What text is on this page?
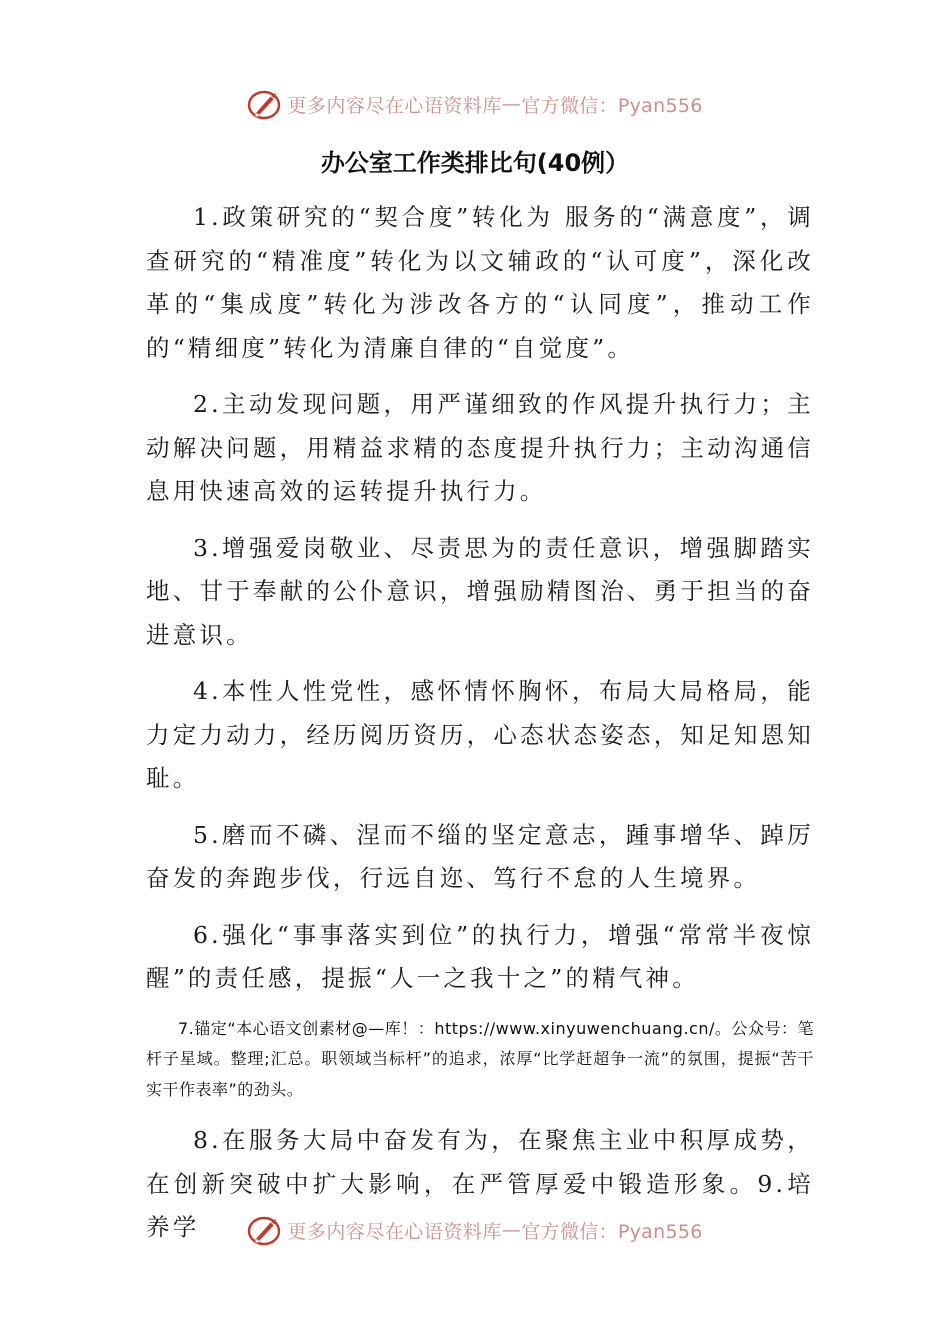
更多内容尽在心语资料库 — 官方微信：Pyan556
办公室工作类排比句(40例）

1.政策研究的“契合度”转化为 服务的“满意度”，调查研究的“精准度”转化为以文辅政的“认可度”，深化改革的“集成度”转化为涉改各方的“认同度”，推动工作的“精细度”转化为清廉自律的“自觉度”。

2.主动发现问题，用严谨细致的作风提升执行力；主动解决问题，用精益求精的态度提升执行力；主动沟通信息用快速高效的运转提升执行力。

3.增强爱岗敬业、尽责思为的责任意识，增强脚踏实地、甘于奉献的公仆意识，增强励精图治、勇于担当的奋进意识。

4.本性人性党性，感怀情怀胸怀，布局大局格局，能力定力动力，经历阅历资历，心态状态姿态，知足知恩知耻。

5.磨而不磷、涅而不缁的坚定意志，踵事增华、踔厉奋发的奔跑步伐，行远自迩、笃行不怠的人生境界。

6.强化“事事落实到位”的执行力，增强“常常半夜惊醒”的责任感，提振“人一之我十之”的精气神。

7.锚定“本心语文创素材@—库！：https://www.xinyuwenchuang.cn/。公众号：笔杆子星域。整理;汇总。职领域当标杆”的追求，浓厚“比学赶超争一流”的氛围，提振“苦干实干作表率”的劲头。

8.在服务大局中奋发有为，在聚焦主业中积厚成势，在创新突破中扩大影响，在严管厚爱中锻造形象。9.培养学	更多内容尽在心语资料库 — 官方微信：Pyan556
